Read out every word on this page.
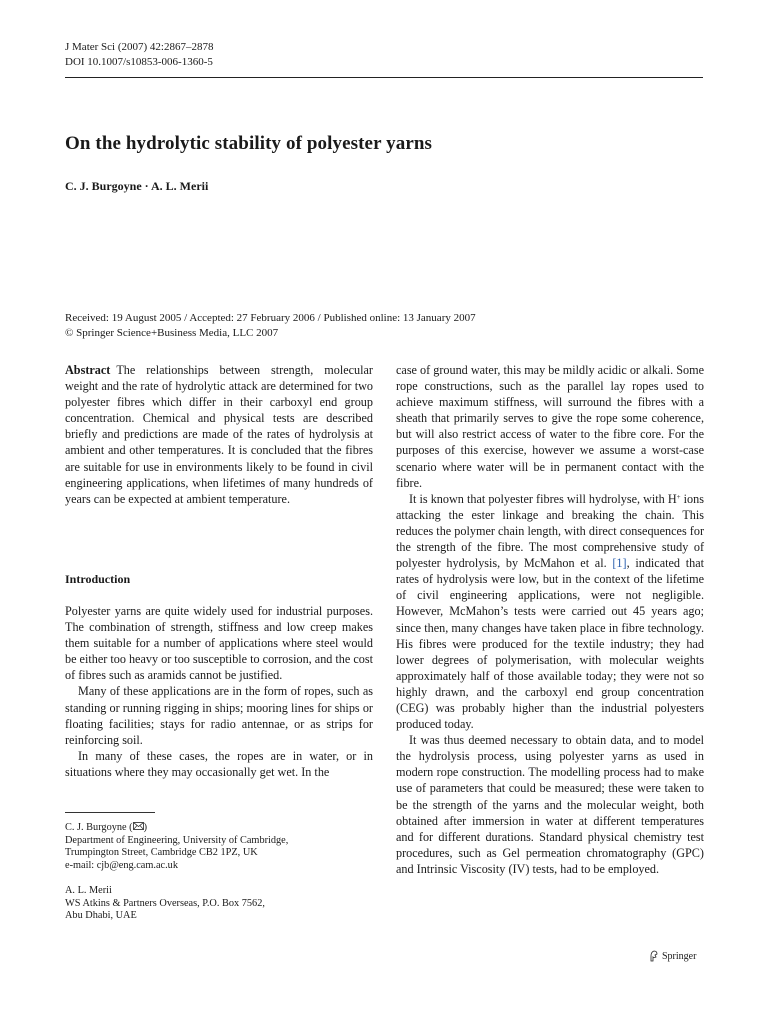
J Mater Sci (2007) 42:2867–2878
DOI 10.1007/s10853-006-1360-5
On the hydrolytic stability of polyester yarns
C. J. Burgoyne · A. L. Merii
Received: 19 August 2005 / Accepted: 27 February 2006 / Published online: 13 January 2007
© Springer Science+Business Media, LLC 2007

Abstract The relationships between strength, molecular weight and the rate of hydrolytic attack are determined for two polyester fibres which differ in their carboxyl end group concentration. Chemical and physical tests are described briefly and predictions are made of the rates of hydrolysis at ambient and other temperatures. It is concluded that the fibres are suitable for use in environments likely to be found in civil engineering applications, when lifetimes of many hundreds of years can be expected at ambient temperature.

Introduction

Polyester yarns are quite widely used for industrial purposes. The combination of strength, stiffness and low creep makes them suitable for a number of applications where steel would be either too heavy or too susceptible to corrosion, and the cost of fibres such as aramids cannot be justified.

Many of these applications are in the form of ropes, such as standing or running rigging in ships; mooring lines for ships or floating facilities; stays for radio antennae, or as strips for reinforcing soil.

In many of these cases, the ropes are in water, or in situations where they may occasionally get wet. In the

C. J. Burgoyne ( )
Department of Engineering, University of Cambridge,
Trumpington Street, Cambridge CB2 1PZ, UK
e-mail: cjb@eng.cam.ac.uk
A. L. Merii
WS Atkins & Partners Overseas, P.O. Box 7562,
Abu Dhabi, UAE

case of ground water, this may be mildly acidic or alkali. Some rope constructions, such as the parallel lay ropes used to achieve maximum stiffness, will surround the fibres with a sheath that primarily serves to give the rope some coherence, but will also restrict access of water to the fibre core. For the purposes of this exercise, however we assume a worst-case scenario where water will be in permanent contact with the fibre.

It is known that polyester fibres will hydrolyse, with H+ ions attacking the ester linkage and breaking the chain. This reduces the polymer chain length, with direct consequences for the strength of the fibre. The most comprehensive study of polyester hydrolysis, by McMahon et al. [1], indicated that rates of hydrolysis were low, but in the context of the lifetime of civil engineering applications, were not negligible. However, McMahon’s tests were carried out 45 years ago; since then, many changes have taken place in fibre technology. His fibres were produced for the textile industry; they had lower degrees of polymerisation, with molecular weights approximately half of those available today; they were not so highly drawn, and the carboxyl end group concentration (CEG) was probably higher than the industrial polyesters produced today.

It was thus deemed necessary to obtain data, and to model the hydrolysis process, using polyester yarns as used in modern rope construction. The modelling process had to make use of parameters that could be measured; these were taken to be the strength of the yarns and the molecular weight, both obtained after immersion in water at different temperatures and for different durations. Standard physical chemistry test procedures, such as Gel permeation chromatography (GPC) and Intrinsic Viscosity (IV) tests, had to be employed.

Springer
